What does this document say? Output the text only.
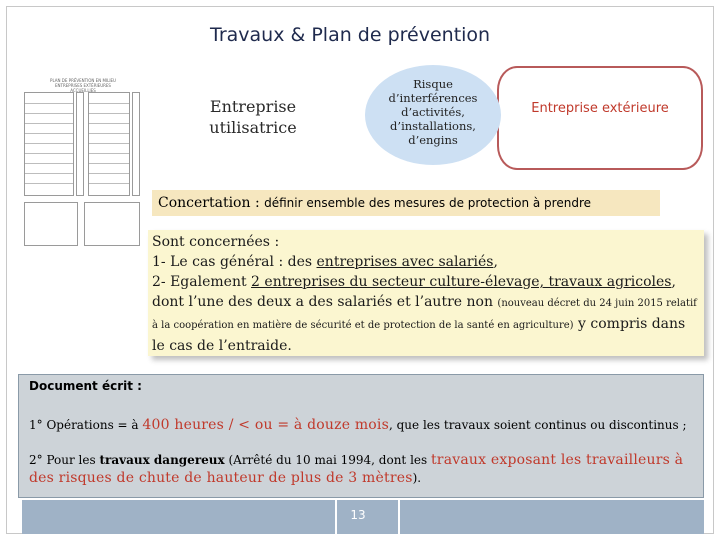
Travaux & Plan de prévention
PLAN DE PRÉVENTION EN MILIEU ENTREPRISES EXTÉRIEURES ACCUEILLIES
Entreprise utilisatrice
Entreprise extérieure
Risque d’interférences d’activités, d’installations, d’engins
Concertation : définir ensemble des mesures de protection à prendre
Sont concernées :
1- Le cas général : des entreprises avec salariés,
2- Egalement 2 entreprises du secteur culture-élevage, travaux agricoles,
dont l’une des deux a des salariés et l’autre non (nouveau décret du 24 juin 2015 relatif à la coopération en matière de sécurité et de protection de la santé en agriculture) y compris dans le cas de l’entraide.
Document écrit :
1° Opérations = à 400 heures / < ou = à douze mois, que les travaux soient continus ou discontinus ;
2° Pour les travaux dangereux (Arrêté du 10 mai 1994, dont les travaux exposant les travailleurs à des risques de chute de hauteur de plus de 3 mètres).
13
